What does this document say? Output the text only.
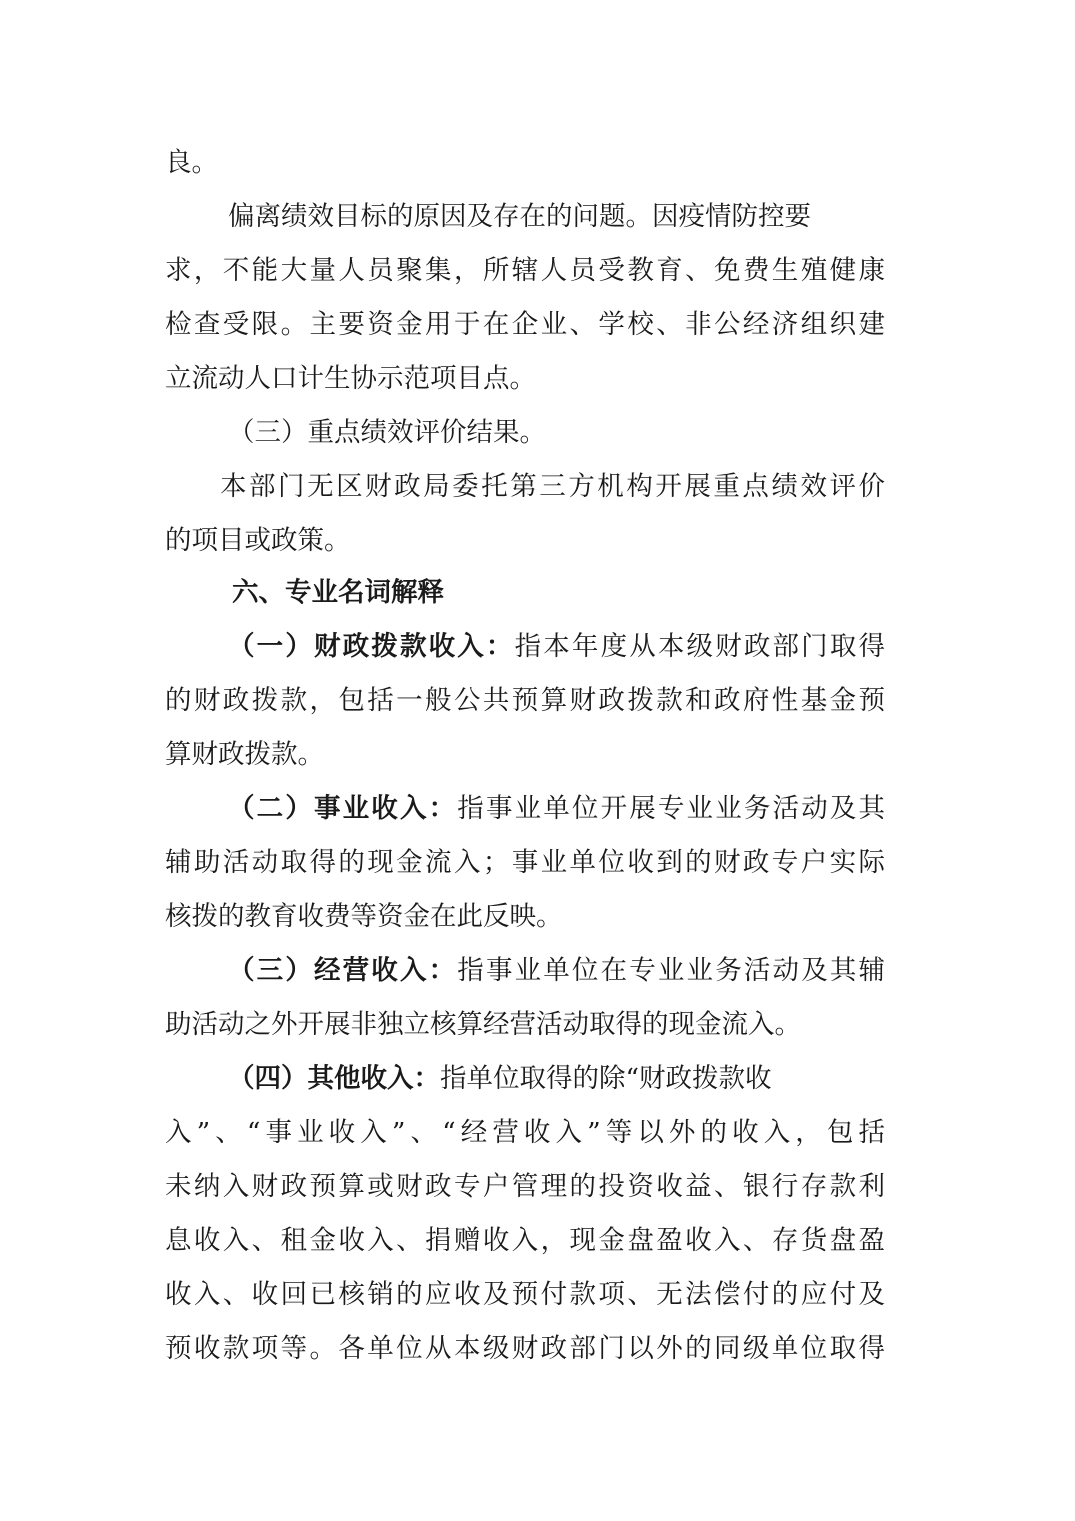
良。
偏离绩效目标的原因及存在的问题。因疫情防控要
求，不能大量人员聚集，所辖人员受教育、免费生殖健康
检查受限。主要资金用于在企业、学校、非公经济组织建
立流动人口计生协示范项目点。
（三）重点绩效评价结果。
本部门无区财政局委托第三方机构开展重点绩效评价
的项目或政策。
六、专业名词解释
（一）财政拨款收入：指本年度从本级财政部门取得
的财政拨款，包括一般公共预算财政拨款和政府性基金预
算财政拨款。
（二）事业收入：指事业单位开展专业业务活动及其
辅助活动取得的现金流入；事业单位收到的财政专户实际
核拨的教育收费等资金在此反映。
（三）经营收入：指事业单位在专业业务活动及其辅
助活动之外开展非独立核算经营活动取得的现金流入。
（四）其他收入：指单位取得的除“财政拨款收
入”、“事业收入”、“经营收入”等以外的收入，包括
未纳入财政预算或财政专户管理的投资收益、银行存款利
息收入、租金收入、捐赠收入，现金盘盈收入、存货盘盈
收入、收回已核销的应收及预付款项、无法偿付的应付及
预收款项等。各单位从本级财政部门以外的同级单位取得
